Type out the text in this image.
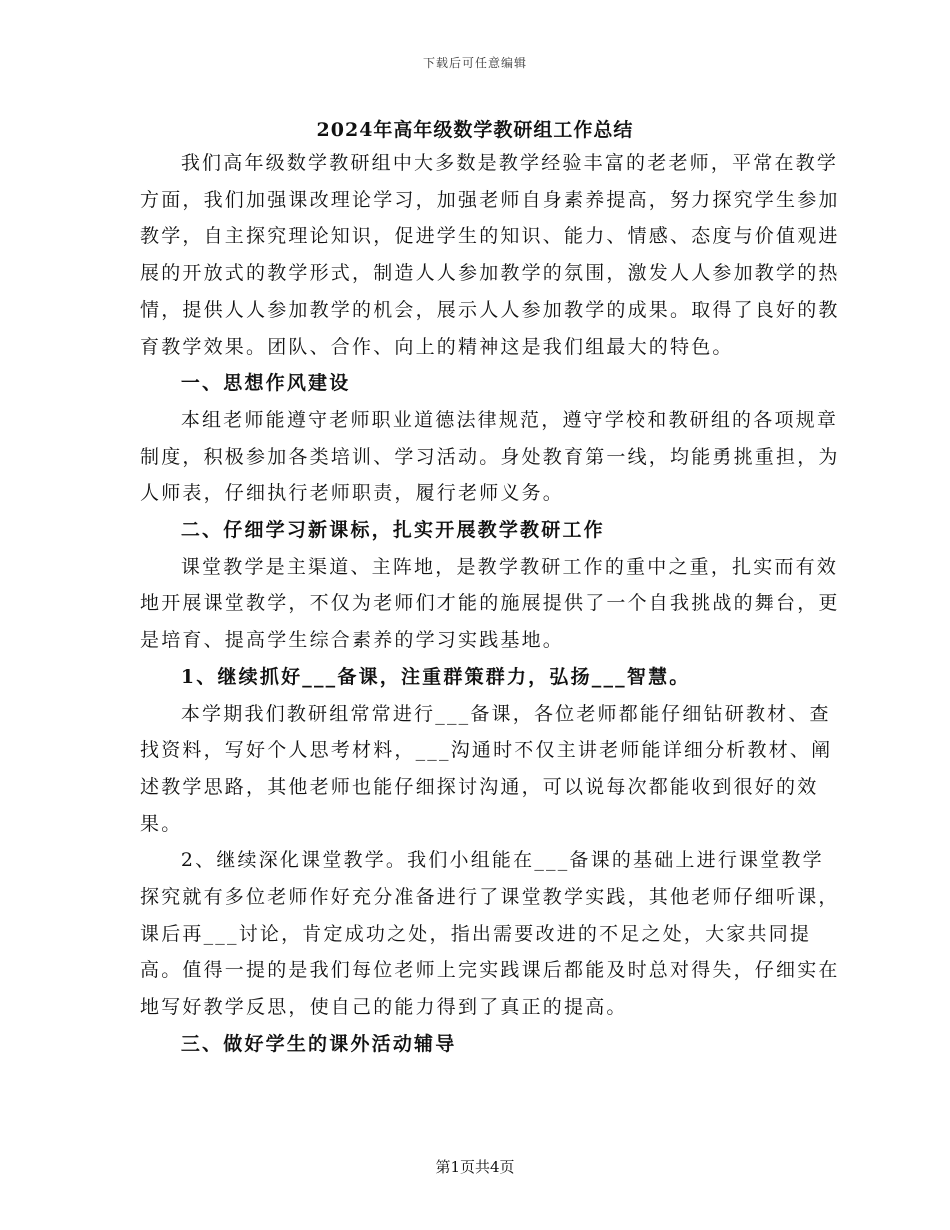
下载后可任意编辑
2024年高年级数学教研组工作总结

我们高年级数学教研组中大多数是教学经验丰富的老老师，平常在教学方面，我们加强课改理论学习，加强老师自身素养提高，努力探究学生参加教学，自主探究理论知识，促进学生的知识、能力、情感、态度与价值观进展的开放式的教学形式，制造人人参加教学的氛围，激发人人参加教学的热情，提供人人参加教学的机会，展示人人参加教学的成果。取得了良好的教育教学效果。团队、合作、向上的精神这是我们组最大的特色。

一、思想作风建设

本组老师能遵守老师职业道德法律规范，遵守学校和教研组的各项规章制度，积极参加各类培训、学习活动。身处教育第一线，均能勇挑重担，为人师表，仔细执行老师职责，履行老师义务。

二、仔细学习新课标，扎实开展教学教研工作

课堂教学是主渠道、主阵地，是教学教研工作的重中之重，扎实而有效地开展课堂教学，不仅为老师们才能的施展提供了一个自我挑战的舞台，更是培育、提高学生综合素养的学习实践基地。

1、继续抓好___备课，注重群策群力，弘扬___智慧。

本学期我们教研组常常进行___备课，各位老师都能仔细钻研教材、查找资料，写好个人思考材料，___沟通时不仅主讲老师能详细分析教材、阐述教学思路，其他老师也能仔细探讨沟通，可以说每次都能收到很好的效果。

2、继续深化课堂教学。我们小组能在___备课的基础上进行课堂教学探究就有多位老师作好充分准备进行了课堂教学实践，其他老师仔细听课，课后再___讨论，肯定成功之处，指出需要改进的不足之处，大家共同提高。值得一提的是我们每位老师上完实践课后都能及时总对得失，仔细实在地写好教学反思，使自己的能力得到了真正的提高。

三、做好学生的课外活动辅导

第1页共4页
